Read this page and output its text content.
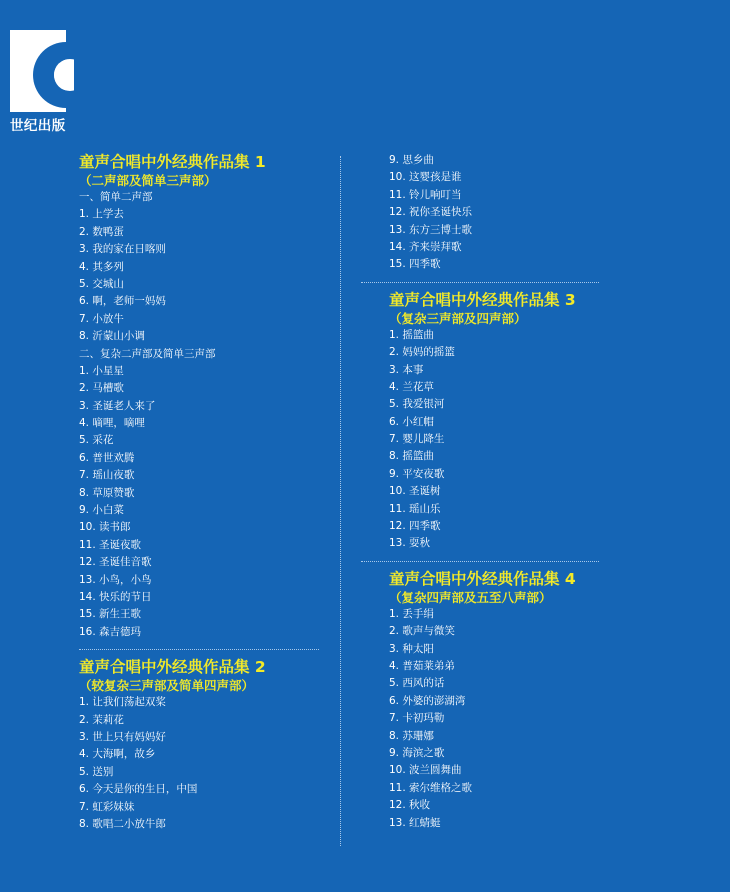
世纪出版
童声合唱中外经典作品集 1
（二声部及简单三声部）
一、简单二声部
1. 上学去
2. 数鸭蛋
3. 我的家在日喀则
4. 其多列
5. 交城山
6. 啊，老师一妈妈
7. 小放牛
8. 沂蒙山小调
二、复杂二声部及简单三声部
1. 小星星
2. 马槽歌
3. 圣诞老人来了
4. 嘀哩，嘀哩
5. 采花
6. 普世欢腾
7. 瑶山夜歌
8. 草原赞歌
9. 小白菜
10. 读书郎
11. 圣诞夜歌
12. 圣诞佳音歌
13. 小鸟，小鸟
14. 快乐的节日
15. 新生王歌
16. 森吉德玛
童声合唱中外经典作品集 2
（较复杂三声部及简单四声部）
1. 让我们荡起双桨
2. 茉莉花
3. 世上只有妈妈好
4. 大海啊，故乡
5. 送别
6. 今天是你的生日，中国
7. 虹彩妹妹
8. 歌唱二小放牛郎
9. 思乡曲
10. 这婴孩是谁
11. 铃儿响叮当
12. 祝你圣诞快乐
13. 东方三博士歌
14. 齐来崇拜歌
15. 四季歌
童声合唱中外经典作品集 3
（复杂三声部及四声部）
1. 摇篮曲
2. 妈妈的摇篮
3. 本事
4. 兰花草
5. 我爱银河
6. 小红帽
7. 婴儿降生
8. 摇篮曲
9. 平安夜歌
10. 圣诞树
11. 瑶山乐
12. 四季歌
13. 耍秋
童声合唱中外经典作品集 4
（复杂四声部及五至八声部）
1. 丢手绢
2. 歌声与微笑
3. 种太阳
4. 普茹莱弟弟
5. 西风的话
6. 外婆的澎湖湾
7. 卡初玛勒
8. 苏珊娜
9. 海滨之歌
10. 波兰圆舞曲
11. 索尔维格之歌
12. 秋收
13. 红蜻蜓
